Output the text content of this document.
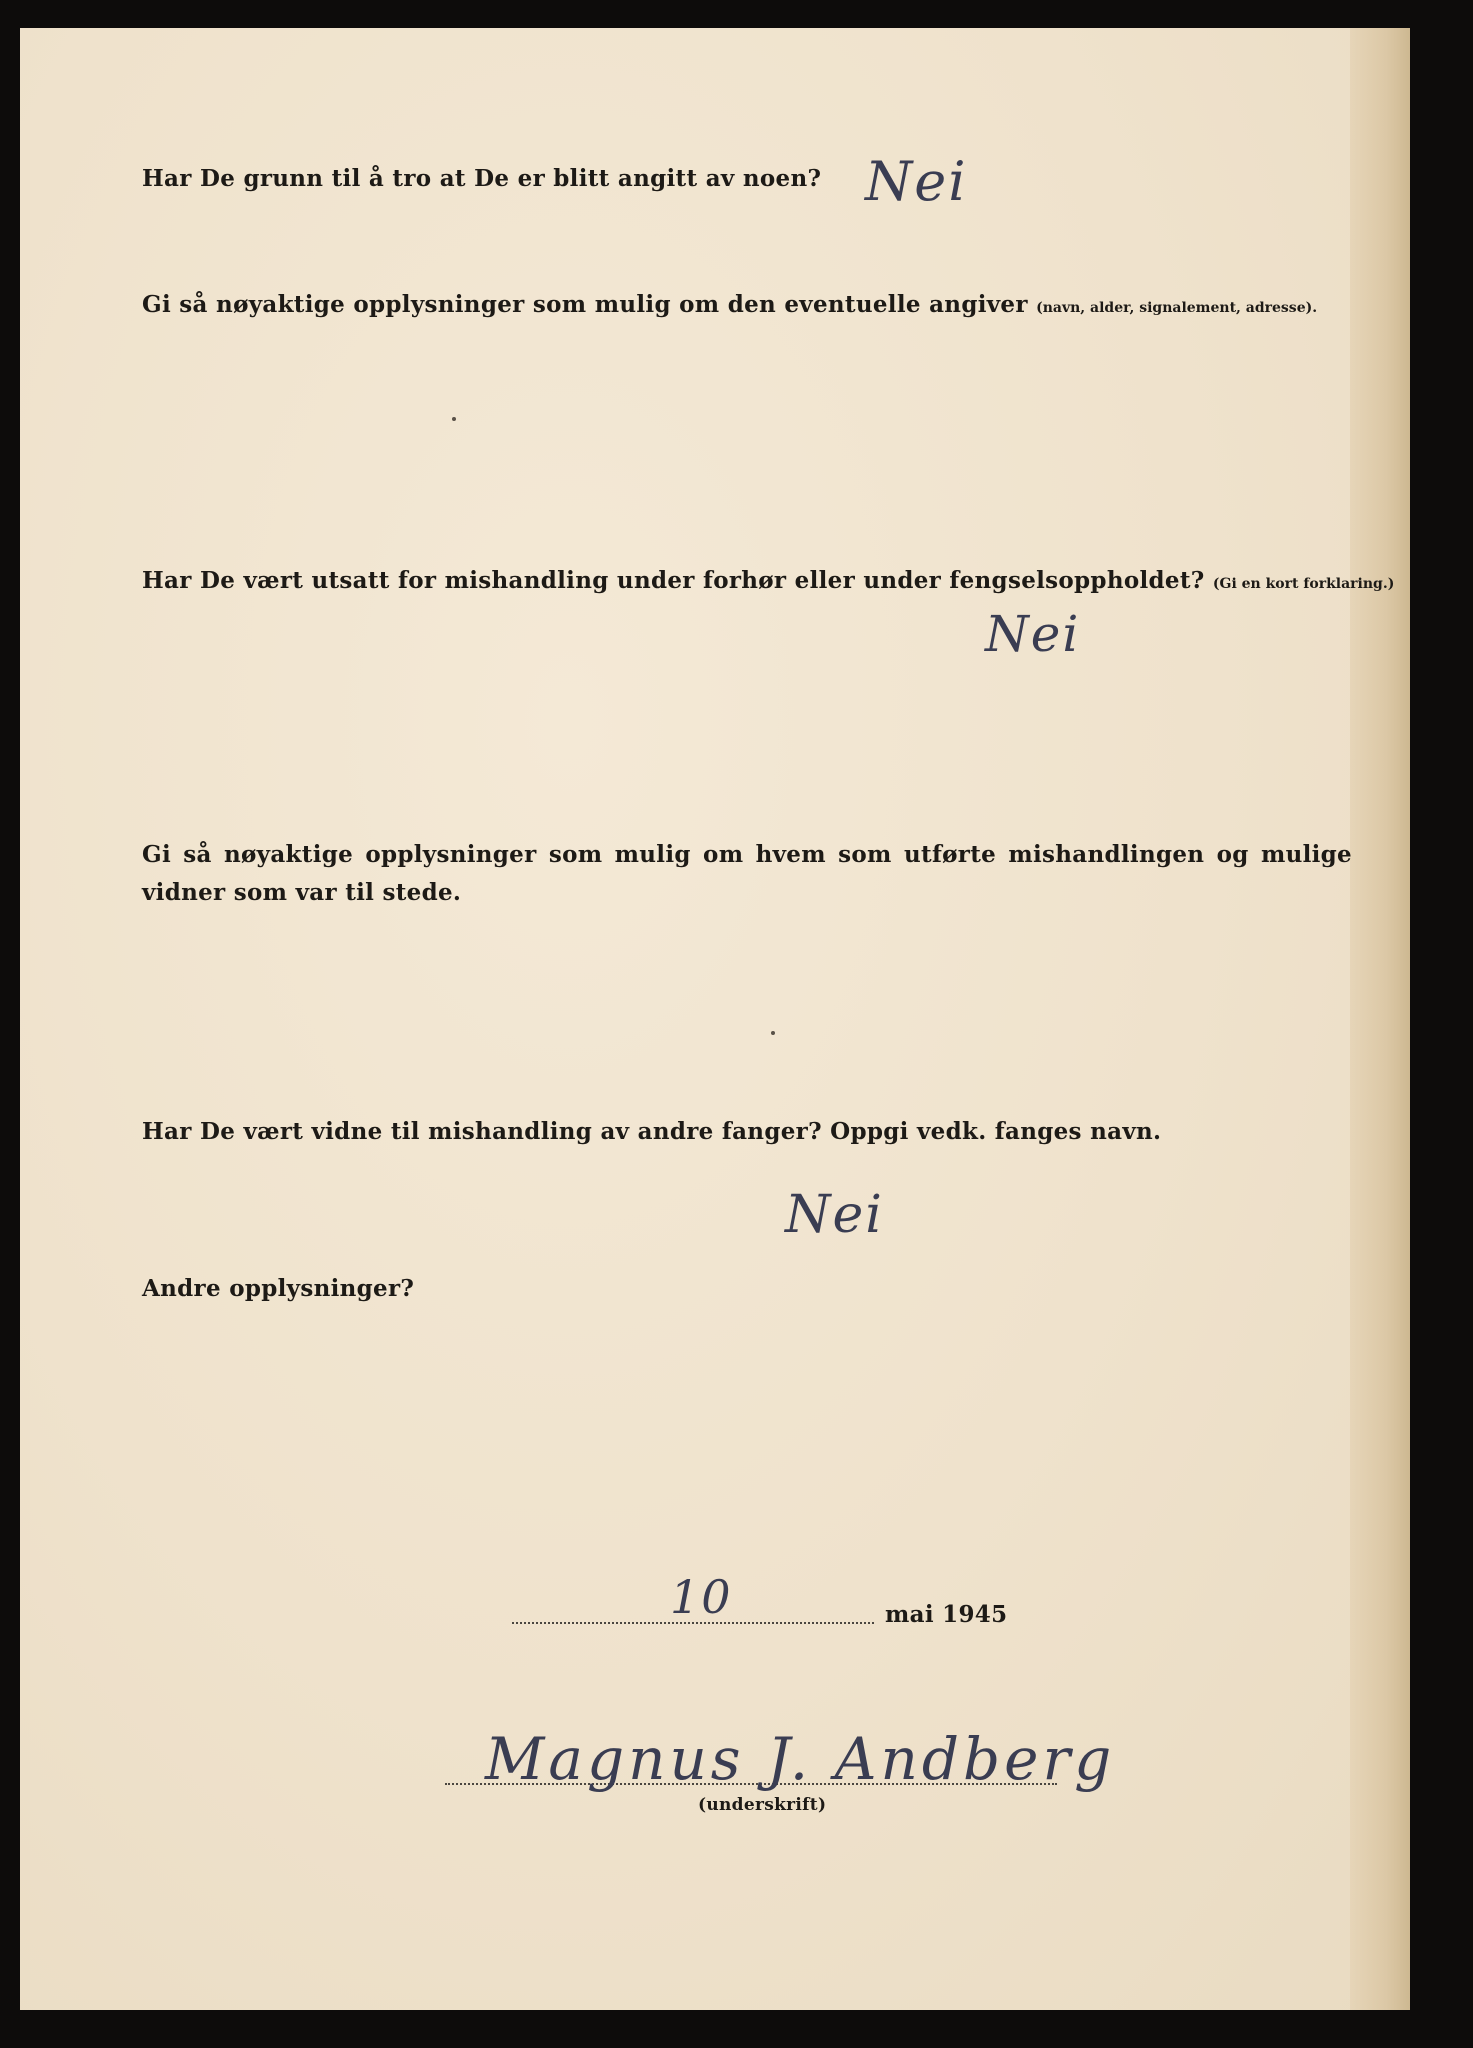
Har De grunn til å tro at De er blitt angitt av noen? Nei
Gi så nøyaktige opplysninger som mulig om den eventuelle angiver (navn, alder, signalement, adresse).
Har De vært utsatt for mishandling under forhør eller under fengselsoppholdet? (Gi en kort forklaring.)
Nei
Gi så nøyaktige opplysninger som mulig om hvem som utførte mishandlingen og mulige vidner som var til stede.
Har De vært vidne til mishandling av andre fanger? Oppgi vedk. fanges navn.
Nei
Andre opplysninger?
10	mai 1945
Magnus J. Andberg
(underskrift)
